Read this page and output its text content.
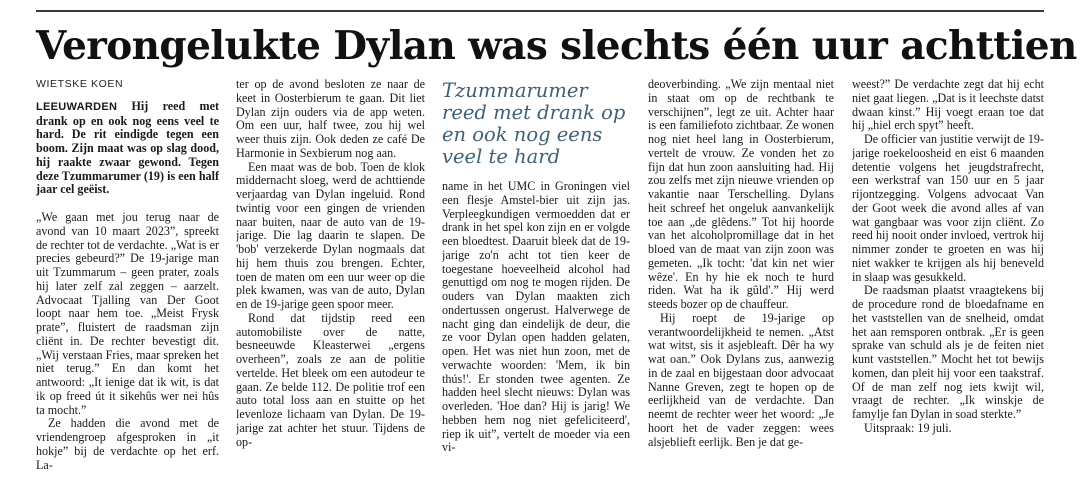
Verongelukte Dylan was slechts één uur achttien
WIETSKE KOEN

LEEUWARDEN Hij reed met drank op en ook nog eens veel te hard. De rit eindigde tegen een boom. Zijn maat was op slag dood, hij raakte zwaar gewond. Tegen deze Tzummarumer (19) is een half jaar cel geëist.

„We gaan met jou terug naar de avond van 10 maart 2023”, spreekt de rechter tot de verdachte. „Wat is er precies gebeurd?” De 19-jarige man uit Tzummarum – geen prater, zoals hij later zelf zal zeggen – aarzelt. Advocaat Tjalling van Der Goot loopt naar hem toe. „Meist Frysk prate”, fluistert de raadsman zijn cliënt in. De rechter bevestigt dit. „Wij verstaan Fries, maar spreken het niet terug.” En dan komt het antwoord: „It ienige dat ik wit, is dat ik op freed út it sikehûs wer nei hûs ta mocht.”

Ze hadden die avond met de vriendengroep afgesproken in „it hokje” bij de verdachte op het erf. La-

ter op de avond besloten ze naar de keet in Oosterbierum te gaan. Dit liet Dylan zijn ouders via de app weten. Om een uur, half twee, zou hij wel weer thuis zijn. Ook deden ze café De Harmonie in Sexbierum nog aan.

Een maat was de bob. Toen de klok middernacht sloeg, werd de achttiende verjaardag van Dylan ingeluid. Rond twintig voor een gingen de vrienden naar buiten, naar de auto van de 19-jarige. Die lag daarin te slapen. De 'bob' verzekerde Dylan nogmaals dat hij hem thuis zou brengen. Echter, toen de maten om een uur weer op die plek kwamen, was van de auto, Dylan en de 19-jarige geen spoor meer.

Rond dat tijdstip reed een automobiliste over de natte, besneeuwde Kleasterwei „ergens overheen”, zoals ze aan de politie vertelde. Het bleek om een autodeur te gaan. Ze belde 112. De politie trof een auto total loss aan en stuitte op het levenloze lichaam van Dylan. De 19-jarige zat achter het stuur. Tijdens de op-

Tzummarumer reed met drank op en ook nog eens veel te hard

name in het UMC in Groningen viel een flesje Amstel-bier uit zijn jas. Verpleegkundigen vermoedden dat er drank in het spel kon zijn en er volgde een bloedtest. Daaruit bleek dat de 19-jarige zo'n acht tot tien keer de toegestane hoeveelheid alcohol had genuttigd om nog te mogen rijden. De ouders van Dylan maakten zich ondertussen ongerust. Halverwege de nacht ging dan eindelijk de deur, die ze voor Dylan open hadden gelaten, open. Het was niet hun zoon, met de verwachte woorden: 'Mem, ik bin thús!'. Er stonden twee agenten. Ze hadden heel slecht nieuws: Dylan was overleden. 'Hoe dan? Hij is jarig! We hebben hem nog niet gefeliciteerd', riep ik uit”, vertelt de moeder via een vi-

deoverbinding. „We zijn mentaal niet in staat om op de rechtbank te verschijnen”, legt ze uit. Achter haar is een familiefoto zichtbaar. Ze wonen nog niet heel lang in Oosterbierum, vertelt de vrouw. Ze vonden het zo fijn dat hun zoon aansluiting had. Hij zou zelfs met zijn nieuwe vrienden op vakantie naar Terschelling. Dylans heit schreef het ongeluk aanvankelijk toe aan „de glêdens.” Tot hij hoorde van het alcoholpromillage dat in het bloed van de maat van zijn zoon was gemeten. „Ik tocht: 'dat kin net wier wêze'. En hy hie ek noch te hurd riden. Wat ha ik gûld'.” Hij werd steeds bozer op de chauffeur.

Hij roept de 19-jarige op verantwoordelijkheid te nemen. „Atst wat witst, sis it asjebleaft. Dêr ha wy wat oan.” Ook Dylans zus, aanwezig in de zaal en bijgestaan door advocaat Nanne Greven, zegt te hopen op de eerlijkheid van de verdachte. Dan neemt de rechter weer het woord: „Je hoort het de vader zeggen: wees alsjeblieft eerlijk. Ben je dat ge-

weest?” De verdachte zegt dat hij echt niet gaat liegen. „Dat is it leechste datst dwaan kinst.” Hij voegt eraan toe dat hij „hiel erch spyt” heeft.

De officier van justitie verwijt de 19-jarige roekeloosheid en eist 6 maanden detentie volgens het jeugdstrafrecht, een werkstraf van 150 uur en 5 jaar rijontzegging. Volgens advocaat Van der Goot week die avond alles af van wat gangbaar was voor zijn cliënt. Zo reed hij nooit onder invloed, vertrok hij nimmer zonder te groeten en was hij niet wakker te krijgen als hij beneveld in slaap was gesukkeld.

De raadsman plaatst vraagtekens bij de procedure rond de bloedafname en het vaststellen van de snelheid, omdat het aan remsporen ontbrak. „Er is geen sprake van schuld als je de feiten niet kunt vaststellen.” Mocht het tot bewijs komen, dan pleit hij voor een taakstraf. Of de man zelf nog iets kwijt wil, vraagt de rechter. „Ik winskje de famylje fan Dylan in soad sterkte.”

Uitspraak: 19 juli.
